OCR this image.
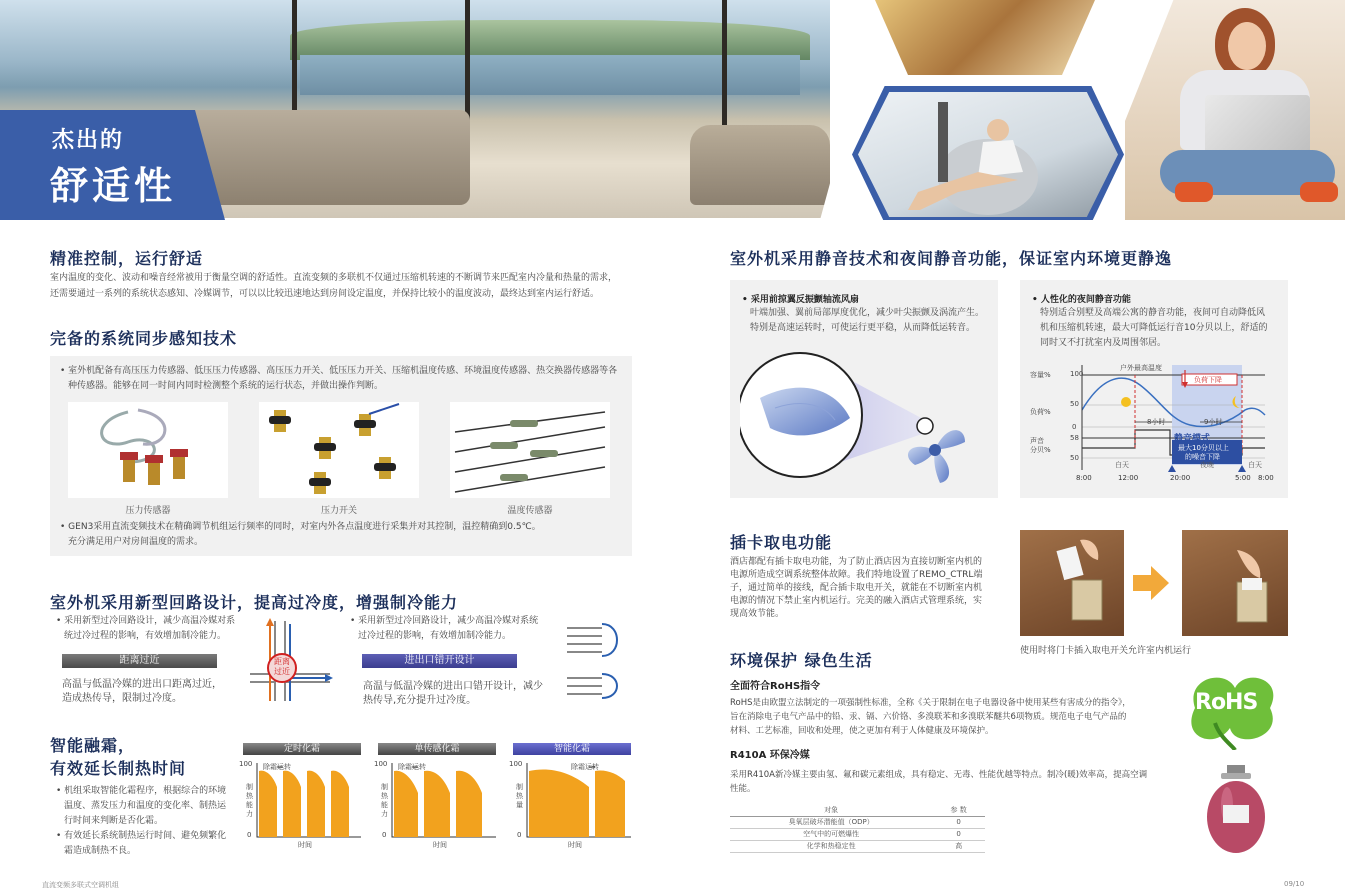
杰出的
舒适性
精准控制，运行舒适
室内温度的变化、波动和噪音经常被用于衡量空调的舒适性。直流变频的多联机不仅通过压缩机转速的不断调节来匹配室内冷量和热量的需求，
还需要通过一系列的系统状态感知、冷媒调节，可以以比较迅速地达到房间设定温度，并保持比较小的温度波动，最终达到室内运行舒适。
完备的系统同步感知技术
• 室外机配备有高压压力传感器、低压压力传感器、高压压力开关、低压压力开关、压缩机温度传感、环境温度传感器、热交换器传感器等各
种传感器。能够在同一时间内同时检测整个系统的运行状态，并做出操作判断。
压力传感器	压力开关	温度传感器
• GEN3采用直流变频技术在精确调节机组运行频率的同时，对室内外各点温度进行采集并对其控制，温控精确到0.5℃。
充分满足用户对房间温度的需求。
室外机采用新型回路设计，提高过冷度，增强制冷能力
• 采用新型过冷回路设计，减少高温冷媒对系
统过冷过程的影响，有效增加制冷能力。
距离过近
高温与低温冷媒的进出口距离过近，
造成热传导，限制过冷度。
距离
过近
• 采用新型过冷回路设计，减少高温冷媒对系统
过冷过程的影响，有效增加制冷能力。
进出口错开设计
高温与低温冷媒的进出口错开设计，减少
热传导,充分提升过冷度。
智能融霜，
有效延长制热时间
• 机组采取智能化霜程序，根据综合的环境
温度、蒸发压力和温度的变化率、制热运
行时间来判断是否化霜。
• 有效延长系统制热运行时间、避免频繁化
霜造成制热不良。
定时化霜
100
0
除霜运转
时间
制
热
能
力
单传感化霜
100
0
除霜运转
时间
制
热
能
力
智能化霜
100
0
除霜运转
时间
制
热
量
室外机采用静音技术和夜间静音功能，保证室内环境更静逸
• 采用前掠翼反振颤轴流风扇
叶端加强、翼前局部厚度优化，减少叶尖振颤及涡流产生。
特别是高速运转时，可使运行更平稳，从而降低运转音。
• 人性化的夜间静音功能
特别适合别墅及高端公寓的静音功能，夜间可自动降低风
机和压缩机转速，最大可降低运行音10分贝以上，舒适的
同时又不打扰室内及周围邻居。
容量%	100
负荷%
50
0
声音
分贝%
58
50
户外最高温度
负荷下降
8小时	9小时
静音模式
最大10分贝以上
的噪音下降
白天	夜晚	白天
8:00	12:00	20:00	5:00 8:00
插卡取电功能
酒店都配有插卡取电功能，为了防止酒店因为直接切断室内机的
电源所造成空调系统整体故障。我们特地设置了REMO_CTRL端
子，通过简单的接线，配合插卡取电开关，就能在不切断室内机
电源的情况下禁止室内机运行。完美的融入酒店式管理系统，实
现高效节能。
使用时将门卡插入取电开关允许室内机运行
环境保护 绿色生活
全面符合RoHS指令
RoHS是由欧盟立法制定的一项强制性标准，全称《关于限制在电子电器设备中使用某些有害成分的指令》，
旨在消除电子电气产品中的铅、汞、镉、六价铬、多溴联苯和多溴联苯醚共6项物质。规范电子电气产品的
材料、工艺标准，回收和处理，使之更加有利于人体健康及环境保护。
RoHS
R410A 环保冷媒
采用R410A新冷媒主要由氢、氟和碳元素组成，具有稳定、无毒、性能优越等特点。制冷(暖)效率高，提高空调
性能。
对象	参 数
臭氧层破坏潜能值（ODP）	0
空气中的可燃爆性	0
化学和热稳定性	高
直流变频多联式空调机组	09/10
